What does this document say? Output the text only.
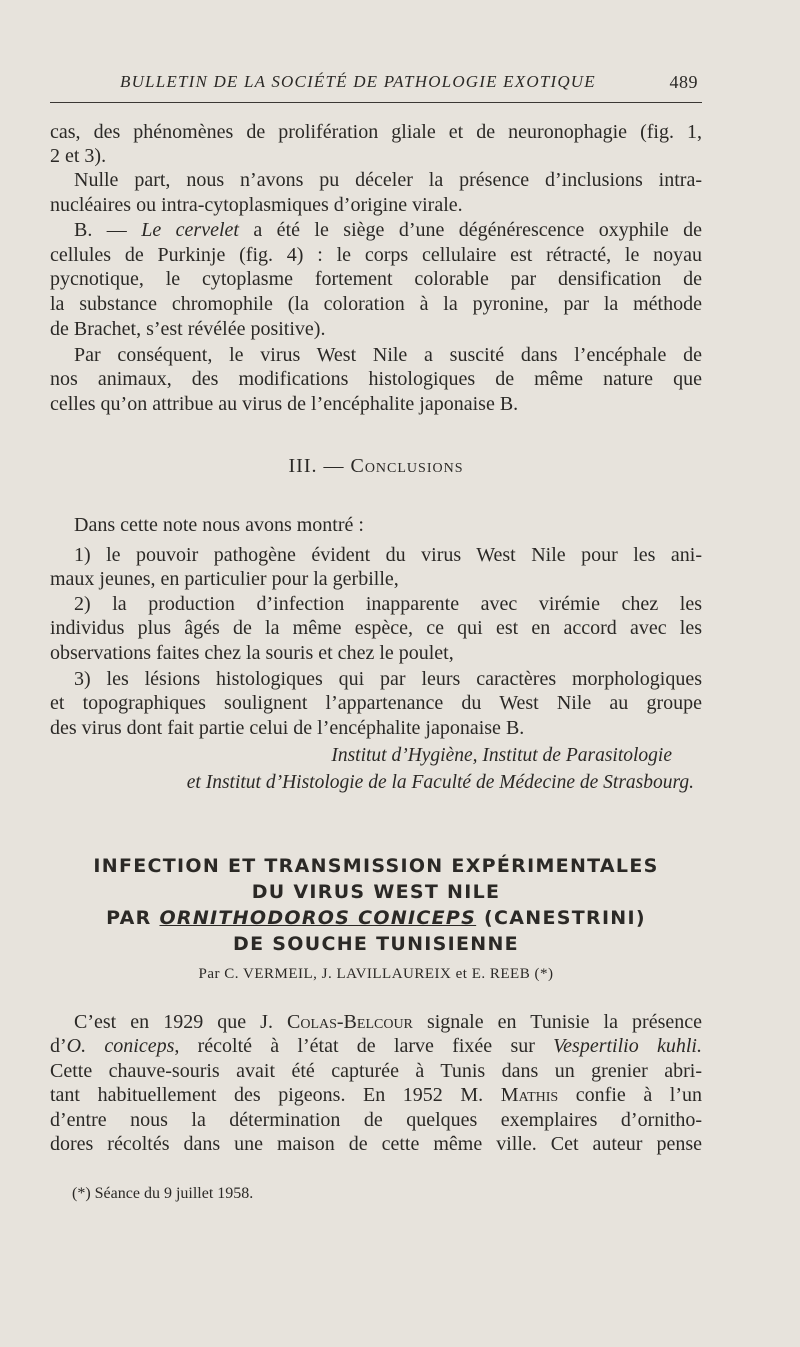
BULLETIN DE LA SOCIÉTÉ DE PATHOLOGIE EXOTIQUE	489
cas, des phénomènes de prolifération gliale et de neuronophagie (fig. 1,
2 et 3).
Nulle part, nous n’avons pu déceler la présence d’inclusions intra-
nucléaires ou intra-cytoplasmiques d’origine virale.
B. — Le cervelet a été le siège d’une dégénérescence oxyphile de
cellules de Purkinje (fig. 4) : le corps cellulaire est rétracté, le noyau
pycnotique, le cytoplasme fortement colorable par densification de
la substance chromophile (la coloration à la pyronine, par la méthode
de Brachet, s’est révélée positive).
Par conséquent, le virus West Nile a suscité dans l’encéphale de
nos animaux, des modifications histologiques de même nature que
celles qu’on attribue au virus de l’encéphalite japonaise B.
III. — Conclusions
Dans cette note nous avons montré :
1) le pouvoir pathogène évident du virus West Nile pour les ani-
maux jeunes, en particulier pour la gerbille,
2) la production d’infection inapparente avec virémie chez les
individus plus âgés de la même espèce, ce qui est en accord avec les
observations faites chez la souris et chez le poulet,
3) les lésions histologiques qui par leurs caractères morphologiques
et topographiques soulignent l’appartenance du West Nile au groupe
des virus dont fait partie celui de l’encéphalite japonaise B.
Institut d’Hygiène, Institut de Parasitologie
et Institut d’Histologie de la Faculté de Médecine de Strasbourg.
INFECTION ET TRANSMISSION EXPÉRIMENTALES
DU VIRUS WEST NILE
PAR ORNITHODOROS CONICEPS (CANESTRINI)
DE SOUCHE TUNISIENNE
Par C. VERMEIL, J. LAVILLAUREIX et E. REEB (*)
C’est en 1929 que J. Colas-Belcour signale en Tunisie la présence
d’O. coniceps, récolté à l’état de larve fixée sur Vespertilio kuhli.
Cette chauve-souris avait été capturée à Tunis dans un grenier abri-
tant habituellement des pigeons. En 1952 M. Mathis confie à l’un
d’entre nous la détermination de quelques exemplaires d’ornitho-
dores récoltés dans une maison de cette même ville. Cet auteur pense
(*) Séance du 9 juillet 1958.
